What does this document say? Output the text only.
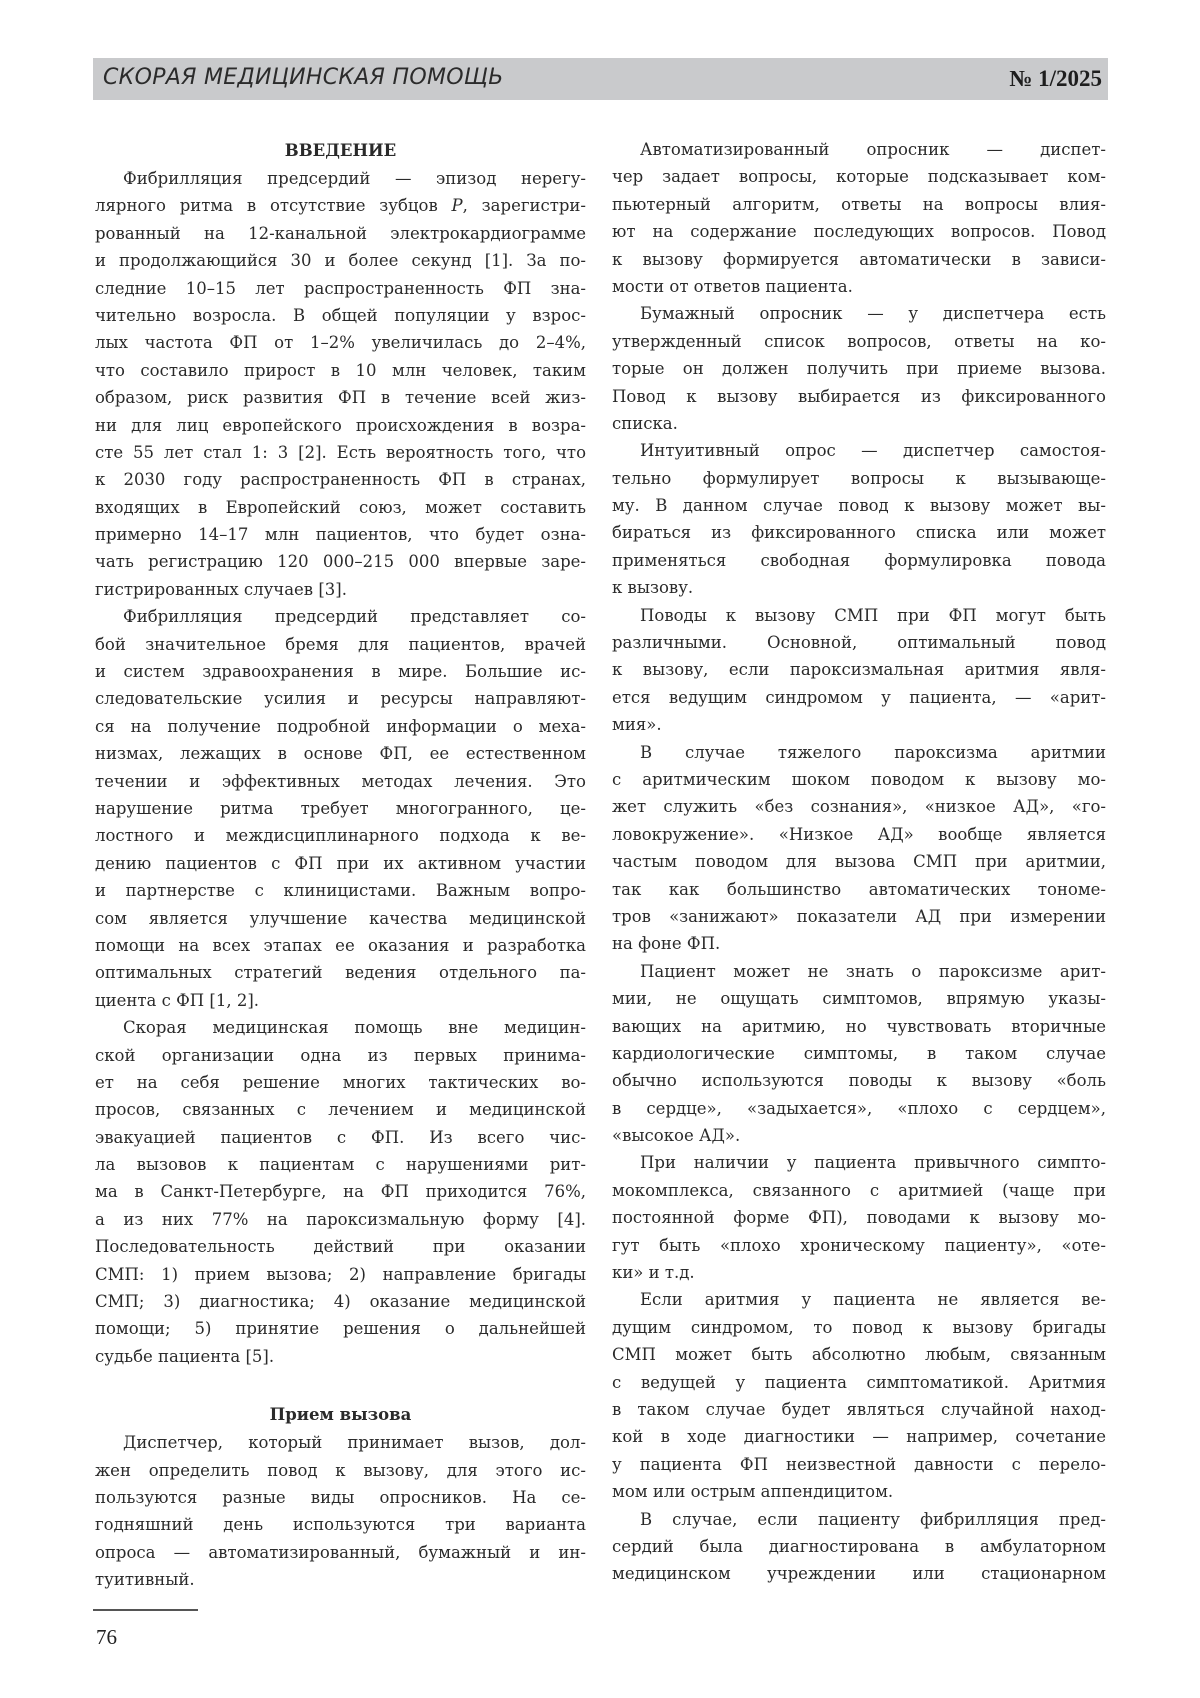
СКОРАЯ МЕДИЦИНСКАЯ ПОМОЩЬ	№ 1/2025
ВВЕДЕНИЕ
Фибрилляция предсердий — эпизод нерегу-
лярного ритма в отсутствие зубцов P, зарегистри-
рованный на 12-канальной электрокардиограмме
и продолжающийся 30 и более секунд [1]. За по-
следние 10–15 лет распространенность ФП зна-
чительно возросла. В общей популяции у взрос-
лых частота ФП от 1–2% увеличилась до 2–4%,
что составило прирост в 10 млн человек, таким
образом, риск развития ФП в течение всей жиз-
ни для лиц европейского происхождения в возра-
сте 55 лет стал 1: 3 [2]. Есть вероятность того, что
к 2030 году распространенность ФП в странах,
входящих в Европейский союз, может составить
примерно 14–17 млн пациентов, что будет озна-
чать регистрацию 120 000–215 000 впервые заре-
гистрированных случаев [3].
Фибрилляция предсердий представляет со-
бой значительное бремя для пациентов, врачей
и систем здравоохранения в мире. Большие ис-
следовательские усилия и ресурсы направляют-
ся на получение подробной информации о меха-
низмах, лежащих в основе ФП, ее естественном
течении и эффективных методах лечения. Это
нарушение ритма требует многогранного, це-
лостного и междисциплинарного подхода к ве-
дению пациентов с ФП при их активном участии
и партнерстве с клиницистами. Важным вопро-
сом является улучшение качества медицинской
помощи на всех этапах ее оказания и разработка
оптимальных стратегий ведения отдельного па-
циента с ФП [1, 2].
Скорая медицинская помощь вне медицин-
ской организации одна из первых принима-
ет на себя решение многих тактических во-
просов, связанных с лечением и медицинской
эвакуацией пациентов с ФП. Из всего чис-
ла вызовов к пациентам с нарушениями рит-
ма в Санкт-Петербурге, на ФП приходится 76%,
а из них 77% на пароксизмальную форму [4].
Последовательность действий при оказании
СМП: 1) прием вызова; 2) направление бригады
СМП; 3) диагностика; 4) оказание медицинской
помощи; 5) принятие решения о дальнейшей
судьбе пациента [5].
Прием вызова
Диспетчер, который принимает вызов, дол-
жен определить повод к вызову, для этого ис-
пользуются разные виды опросников. На се-
годняшний день используются три варианта
опроса — автоматизированный, бумажный и ин-
туитивный.
Автоматизированный опросник — диспет-
чер задает вопросы, которые подсказывает ком-
пьютерный алгоритм, ответы на вопросы влия-
ют на содержание последующих вопросов. Повод
к вызову формируется автоматически в зависи-
мости от ответов пациента.
Бумажный опросник — у диспетчера есть
утвержденный список вопросов, ответы на ко-
торые он должен получить при приеме вызова.
Повод к вызову выбирается из фиксированного
списка.
Интуитивный опрос — диспетчер самостоя-
тельно формулирует вопросы к вызывающе-
му. В данном случае повод к вызову может вы-
бираться из фиксированного списка или может
применяться свободная формулировка повода
к вызову.
Поводы к вызову СМП при ФП могут быть
различными. Основной, оптимальный повод
к вызову, если пароксизмальная аритмия явля-
ется ведущим синдромом у пациента, — «арит-
мия».
В случае тяжелого пароксизма аритмии
с аритмическим шоком поводом к вызову мо-
жет служить «без сознания», «низкое АД», «го-
ловокружение». «Низкое АД» вообще является
частым поводом для вызова СМП при аритмии,
так как большинство автоматических тономе-
тров «занижают» показатели АД при измерении
на фоне ФП.
Пациент может не знать о пароксизме арит-
мии, не ощущать симптомов, впрямую указы-
вающих на аритмию, но чувствовать вторичные
кардиологические симптомы, в таком случае
обычно используются поводы к вызову «боль
в сердце», «задыхается», «плохо с сердцем»,
«высокое АД».
При наличии у пациента привычного симпто-
мокомплекса, связанного с аритмией (чаще при
постоянной форме ФП), поводами к вызову мо-
гут быть «плохо хроническому пациенту», «оте-
ки» и т.д.
Если аритмия у пациента не является ве-
дущим синдромом, то повод к вызову бригады
СМП может быть абсолютно любым, связанным
с ведущей у пациента симптоматикой. Аритмия
в таком случае будет являться случайной наход-
кой в ходе диагностики — например, сочетание
у пациента ФП неизвестной давности с перело-
мом или острым аппендицитом.
В случае, если пациенту фибрилляция пред-
сердий была диагностирована в амбулаторном
медицинском учреждении или стационарном
76
